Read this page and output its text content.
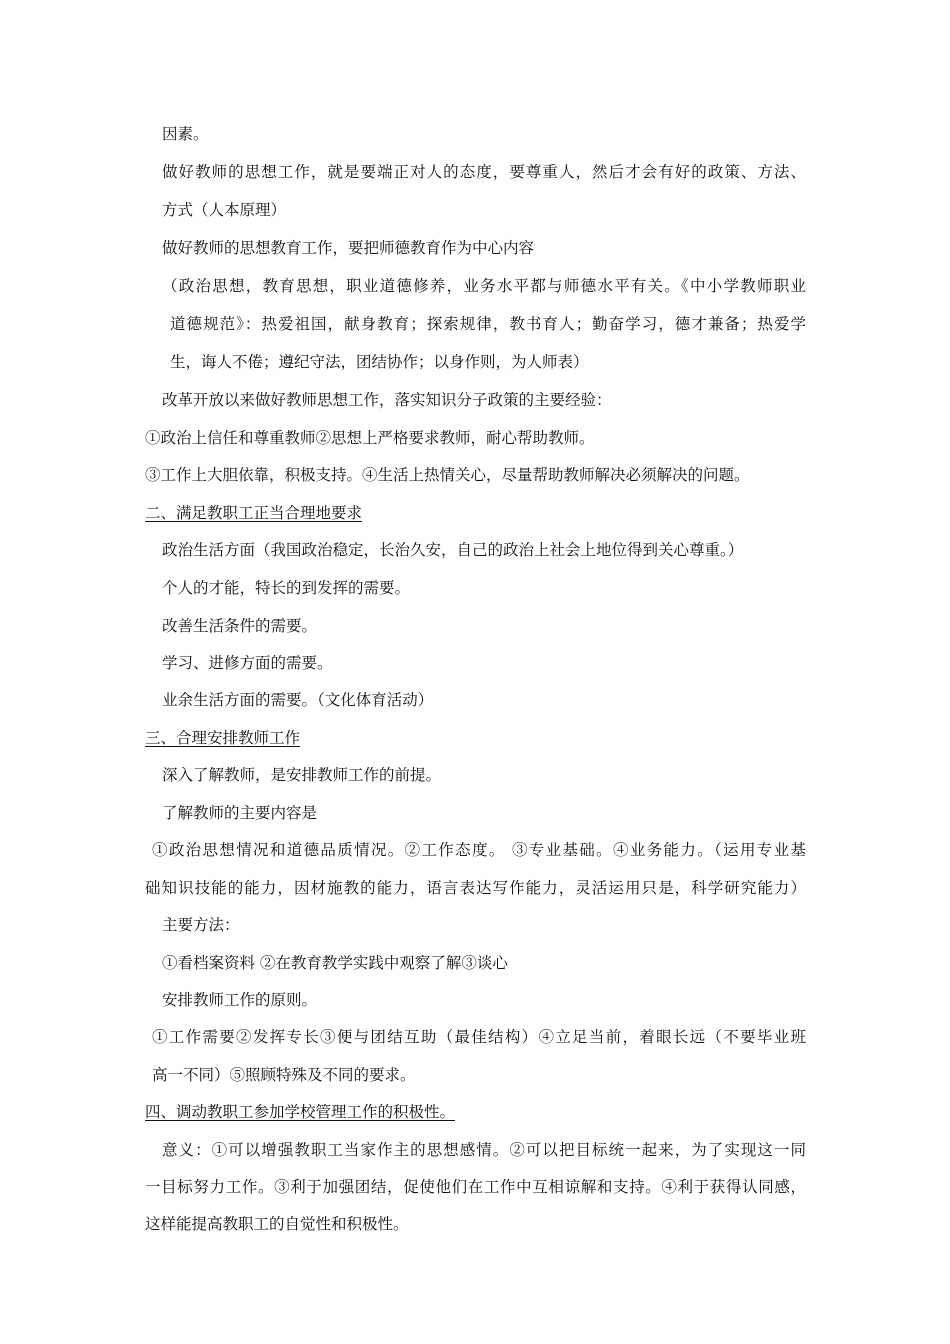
因素。
做好教师的思想工作，就是要端正对人的态度，要尊重人，然后才会有好的政策、方法、
方式（人本原理）
做好教师的思想教育工作，要把师德教育作为中心内容
（政治思想，教育思想，职业道德修养，业务水平都与师德水平有关。《中小学教师职业
道德规范》：热爱祖国，献身教育；探索规律，教书育人；勤奋学习，德才兼备；热爱学
生，诲人不倦；遵纪守法，团结协作；以身作则，为人师表）
改革开放以来做好教师思想工作，落实知识分子政策的主要经验：
①政治上信任和尊重教师②思想上严格要求教师，耐心帮助教师。
③工作上大胆依靠，积极支持。④生活上热情关心，尽量帮助教师解决必须解决的问题。
二、满足教职工正当合理地要求
政治生活方面（我国政治稳定，长治久安，自己的政治上社会上地位得到关心尊重。）
个人的才能，特长的到发挥的需要。
改善生活条件的需要。
学习、进修方面的需要。
业余生活方面的需要。（文化体育活动）
三、合理安排教师工作
深入了解教师，是安排教师工作的前提。
了解教师的主要内容是
①政治思想情况和道德品质情况。②工作态度。 ③专业基础。④业务能力。（运用专业基
础知识技能的能力，因材施教的能力，语言表达写作能力，灵活运用只是，科学研究能力）
主要方法：
①看档案资料 ②在教育教学实践中观察了解③谈心
安排教师工作的原则。
①工作需要②发挥专长③便与团结互助（最佳结构）④立足当前，着眼长远（不要毕业班
高一不同）⑤照顾特殊及不同的要求。
四、调动教职工参加学校管理工作的积极性。
意义：①可以增强教职工当家作主的思想感情。②可以把目标统一起来，为了实现这一同
一目标努力工作。③利于加强团结，促使他们在工作中互相谅解和支持。④利于获得认同感，
这样能提高教职工的自觉性和积极性。
